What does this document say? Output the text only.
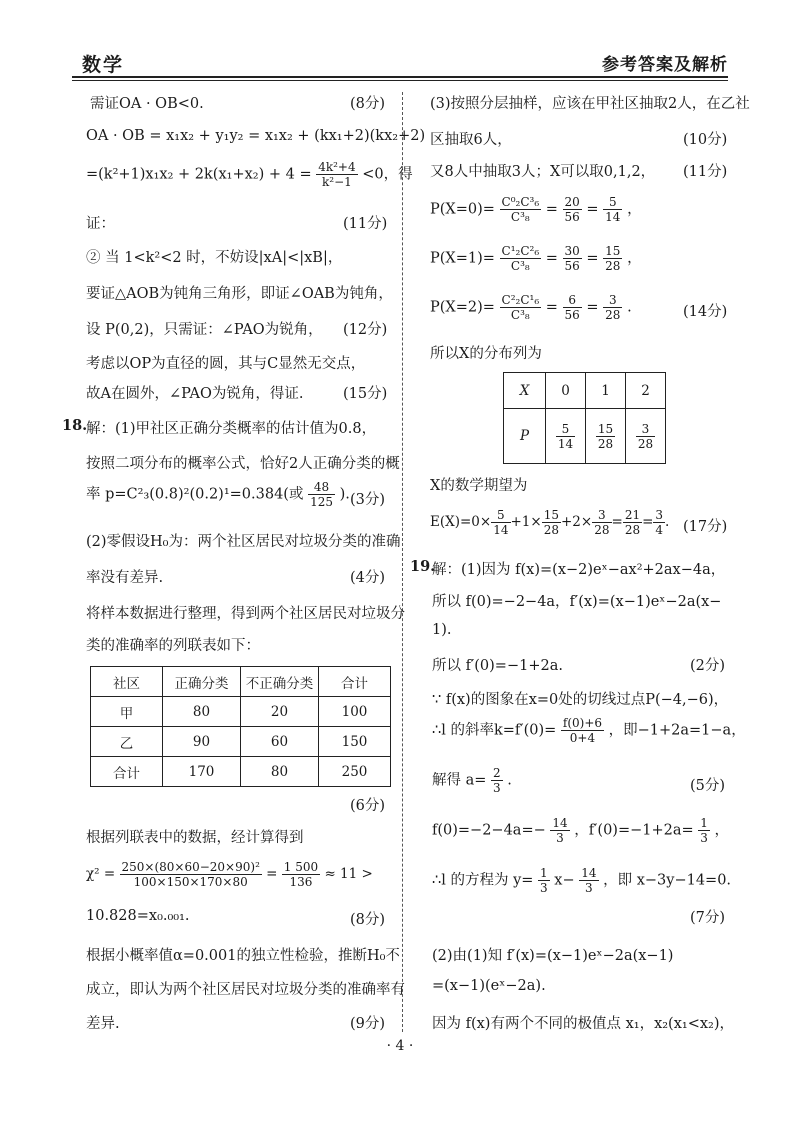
数学	参考答案及解析
需证OA · OB<0.	(8分)
OA · OB = x₁x₂ + y₁y₂ = x₁x₂ + (kx₁+2)(kx₂+2)
$=(k^2+1)x_1x_2 + 2k(x_1+x_2) + 4 = \frac{\text{4k²+4}}{\text{k²−1}} <0$，得
证：	(11分)
② 当 1<k²<2 时，不妨设|xA|<|xB|，
要证△AOB为钝角三角形，即证∠OAB为钝角，
设 P(0,2)，只需证：∠PAO为锐角， (12分)
考虑以OP为直径的圆，其与C显然无交点，
故A在圆外，∠PAO为锐角，得证.	(15分)
18.
解：(1)甲社区正确分类概率的估计值为0.8，
按照二项分布的概率公式，恰好2人正确分类的概
率 p=C²₃(0.8)²(0.2)¹=0.384(或 $\frac{48}{125}$ ). (3分)
(2)零假设H₀为：两个社区居民对垃圾分类的准确
率没有差异.	(4分)
将样本数据进行整理，得到两个社区居民对垃圾分
类的准确率的列联表如下：
社区	正确分类	不正确分类	合计
甲	80	20	100
乙	90	60	150
合计	170	80	250
(6分)
根据列联表中的数据，经计算得到
$\chi^2 = \frac{\text{250×(80×60−20×90)²}}{100\times 150\times 170\times 80} = \frac{1 500}{136} \approx 11$ >
10.828=x₀.₀₀₁.	(8分)
根据小概率值α=0.001的独立性检验，推断H₀不
成立，即认为两个社区居民对垃圾分类的准确率有
差异.	(9分)
(3)按照分层抽样，应该在甲社区抽取2人，在乙社
区抽取6人，	(10分)
又8人中抽取3人；X可以取0,1,2， (11分)
$P(X=0)= \frac{\text{C⁰₂C³₆}}{\text{C³₈}} = \frac{20}{56} = \frac{5}{14}$ ，
$P(X=1)= \frac{\text{C¹₂C²₆}}{\text{C³₈}} = \frac{30}{56} = \frac{15}{28}$ ，
$P(X=2)= \frac{\text{C²₂C¹₆}}{\text{C³₈}} = \frac{6}{56} = \frac{3}{28}$ .	(14分)
所以X的分布列为
X	0	1	2
P	$\frac{5}{14}$	$\frac{15}{28}$	$\frac{3}{28}$
X的数学期望为
$E(X)=0\times \frac{5}{14} +1\times \frac{15}{28} +2\times \frac{3}{28} = \frac{21}{28} = \frac{3}{4}$ . (17分)
19.
解：(1)因为 f(x)=(x−2)eˣ−ax²+2ax−4a，
所以 f(0)=−2−4a，f′(x)=(x−1)eˣ−2a(x−
1).
所以 f′(0)=−1+2a.	(2分)
∵ f(x)的图象在x=0处的切线过点P(−4,−6)，
∴l 的斜率$k=f'(0)= \frac{f(0)+6}{0+4}$ ，即−1+2a=1−a，
解得 $a= \frac{2}{3}$ .	(5分)
$f(0)=-2-4a=- \frac{14}{3}$ ，$f'(0)=-1+2a= \frac{1}{3}$ ，
∴l 的方程为 $y= \frac{1}{3} x- \frac{14}{3}$ ，即 x−3y−14=0.
(7分)
(2)由(1)知 f′(x)=(x−1)eˣ−2a(x−1)
=(x−1)(eˣ−2a).
因为 f(x)有两个不同的极值点 x₁，x₂(x₁<x₂)，
· 4 ·
